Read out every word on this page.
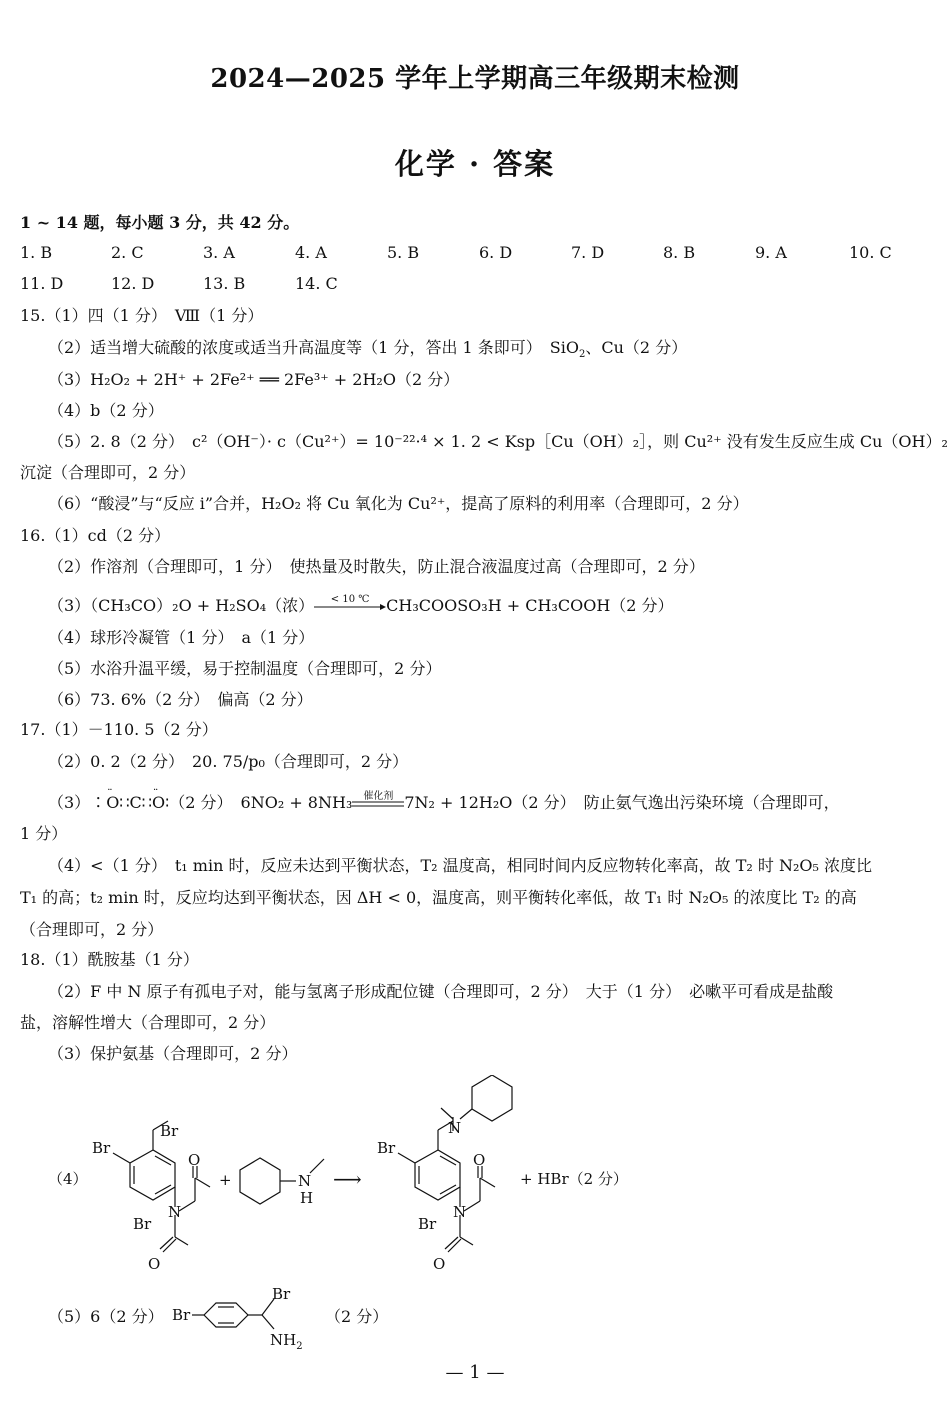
2024—2025 学年上学期高三年级期末检测
化学 · 答案
1 ~ 14 题，每小题 3 分，共 42 分。
1. B	2. C	3. A	4. A	5. B	6. D	7. D	8. B	9. A	10. C
11. D	12. D	13. B	14. C
15.（1）四（1 分）　Ⅷ（1 分）
（2）适当增大硫酸的浓度或适当升高温度等（1 分，答出 1 条即可）　SiO$_2$、Cu（2 分）
（3）H₂O₂ + 2H⁺ + 2Fe²⁺ ══ 2Fe³⁺ + 2H₂O（2 分）
（4）b（2 分）
（5）2. 8（2 分）　c²（OH⁻）· c（Cu²⁺）= 10⁻²²·⁴ × 1. 2 < Ksp［Cu（OH）₂］，则 Cu²⁺ 没有发生反应生成 Cu（OH）₂
沉淀（合理即可，2 分）
（6）“酸浸”与“反应 ⅰ”合并，H₂O₂ 将 Cu 氧化为 Cu²⁺，提高了原料的利用率（合理即可，2 分）
16.（1）cd（2 分）
（2）作溶剂（合理即可，1 分）　使热量及时散失，防止混合液温度过高（合理即可，2 分）
（3）（CH₃CO）₂O + H₂SO₄（浓）	< 10 ℃	CH₃COOSO₃H + CH₃COOH（2 分）
（4）球形冷凝管（1 分）　a（1 分）
（5）水浴升温平缓，易于控制温度（合理即可，2 分）
（6）73. 6%（2 分）　偏高（2 分）
17.（1）－110. 5（2 分）
（2）0. 2（2 分）　20. 75/p₀（合理即可，2 分）
（3）∶·· O∷C∷·· O∶（2 分）　6NO₂ + 8NH₃	催化剂 7N₂ + 12H₂O（2 分）　防止氨气逸出污染环境（合理即可，
1 分）
（4）<（1 分）　t₁ min 时，反应未达到平衡状态，T₂ 温度高，相同时间内反应物转化率高，故 T₂ 时 N₂O₅ 浓度比
T₁ 的高；t₂ min 时，反应均达到平衡状态，因 ΔH < 0，温度高，则平衡转化率低，故 T₁ 时 N₂O₅ 的浓度比 T₂ 的高
（合理即可，2 分）
18.（1）酰胺基（1 分）
（2）F 中 N 原子有孤电子对，能与氢离子形成配位键（合理即可，2 分）　大于（1 分）　必嗽平可看成是盐酸
盐，溶解性增大（合理即可，2 分）
（3）保护氨基（合理即可，2 分）
（4）
Br
Br
Br
N
O
O
+	N
H
⟶
Br
N
Br
N
O
O
+ HBr（2 分）
（5）6（2 分） Br
Br
$NH_2$
（2 分）
— 1 —
